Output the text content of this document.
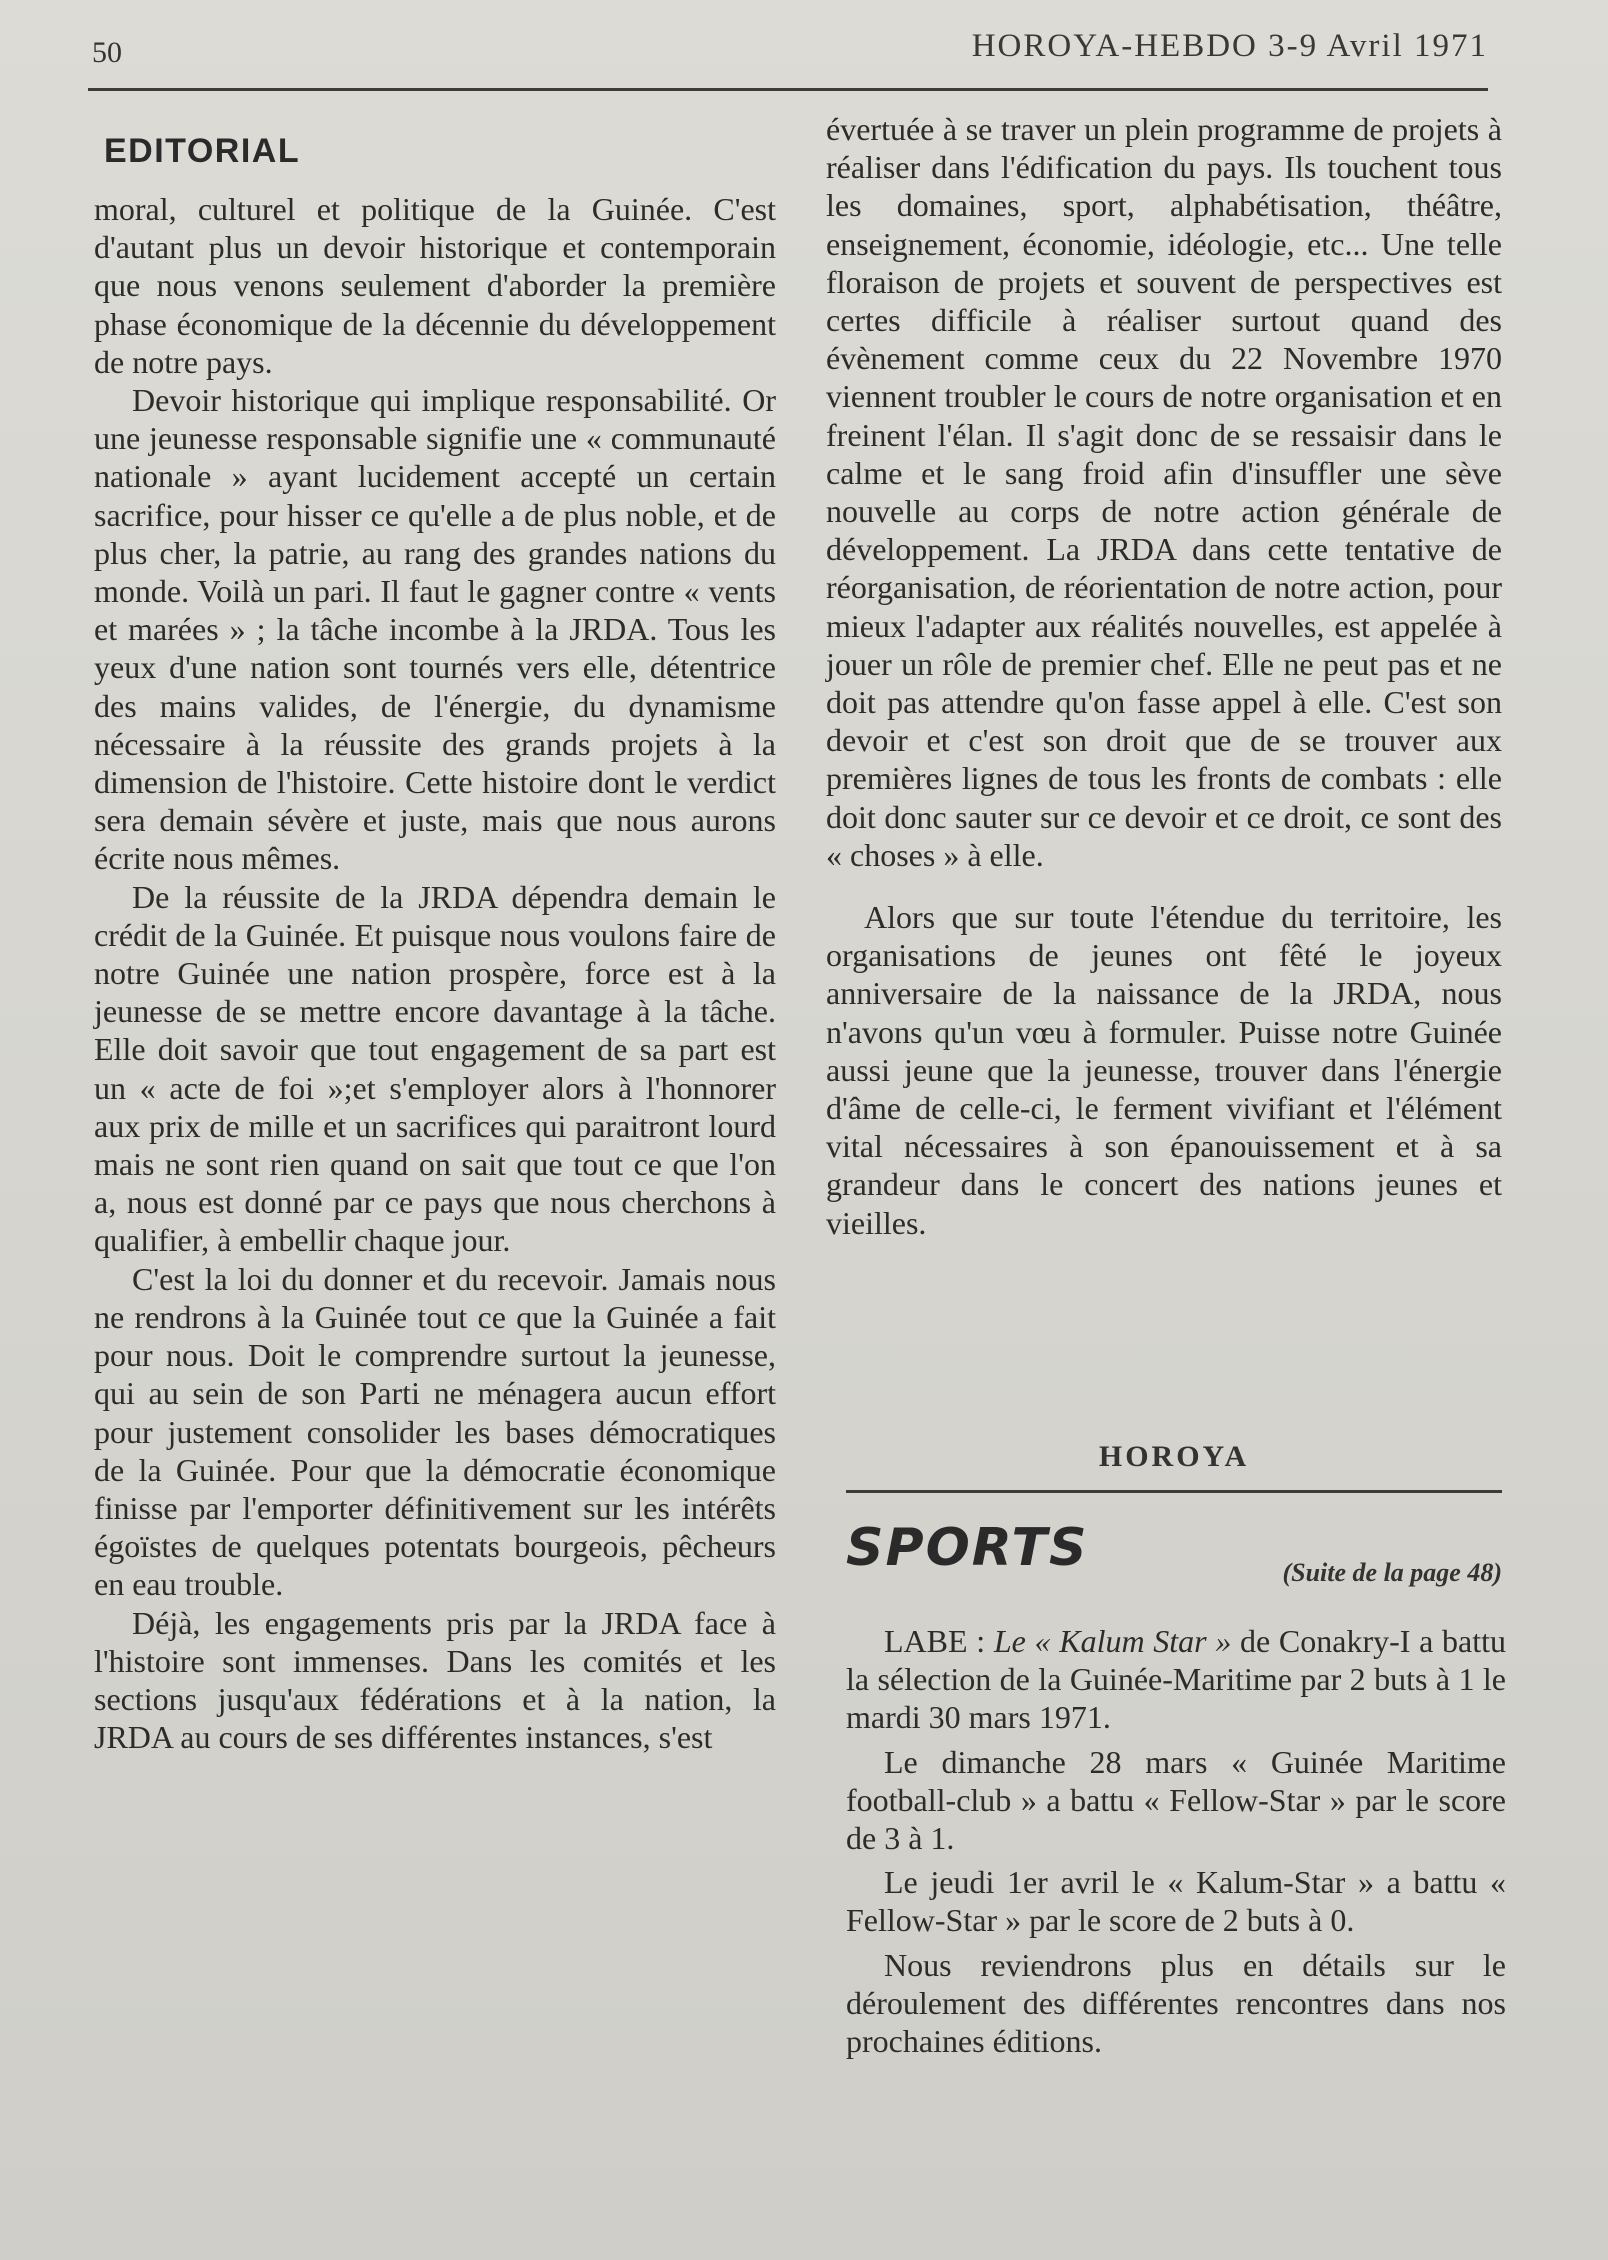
50	HOROYA-HEBDO 3-9 Avril 1971
EDITORIAL

moral, culturel et politique de la Guinée. C'est d'autant plus un devoir historique et contemporain que nous venons seulement d'aborder la première phase économique de la décennie du développement de notre pays.

Devoir historique qui implique responsabilité. Or une jeunesse responsable signifie une « communauté nationale » ayant lucidement accepté un certain sacrifice, pour hisser ce qu'elle a de plus noble, et de plus cher, la patrie, au rang des grandes nations du monde. Voilà un pari. Il faut le gagner contre « vents et marées » ; la tâche incombe à la JRDA. Tous les yeux d'une nation sont tournés vers elle, détentrice des mains valides, de l'énergie, du dynamisme nécessaire à la réussite des grands projets à la dimension de l'histoire. Cette histoire dont le verdict sera demain sévère et juste, mais que nous aurons écrite nous mêmes.

De la réussite de la JRDA dépendra demain le crédit de la Guinée. Et puisque nous voulons faire de notre Guinée une nation prospère, force est à la jeunesse de se mettre encore davantage à la tâche. Elle doit savoir que tout engagement de sa part est un « acte de foi »;et s'employer alors à l'honnorer aux prix de mille et un sacrifices qui paraitront lourd mais ne sont rien quand on sait que tout ce que l'on a, nous est donné par ce pays que nous cherchons à qualifier, à embellir chaque jour.

C'est la loi du donner et du recevoir. Jamais nous ne rendrons à la Guinée tout ce que la Guinée a fait pour nous. Doit le comprendre surtout la jeunesse, qui au sein de son Parti ne ménagera aucun effort pour justement consolider les bases démocratiques de la Guinée. Pour que la démocratie économique finisse par l'emporter définitivement sur les intérêts égoïstes de quelques potentats bourgeois, pêcheurs en eau trouble.

Déjà, les engagements pris par la JRDA face à l'histoire sont immenses. Dans les comités et les sections jusqu'aux fédérations et à la nation, la JRDA au cours de ses différentes instances, s'est

évertuée à se traver un plein programme de projets à réaliser dans l'édification du pays. Ils touchent tous les domaines, sport, alphabétisation, théâtre, enseignement, économie, idéologie, etc... Une telle floraison de projets et souvent de perspectives est certes difficile à réaliser surtout quand des évènement comme ceux du 22 Novembre 1970 viennent troubler le cours de notre organisation et en freinent l'élan. Il s'agit donc de se ressaisir dans le calme et le sang froid afin d'insuffler une sève nouvelle au corps de notre action générale de développement. La JRDA dans cette tentative de réorganisation, de réorientation de notre action, pour mieux l'adapter aux réalités nouvelles, est appelée à jouer un rôle de premier chef. Elle ne peut pas et ne doit pas attendre qu'on fasse appel à elle. C'est son devoir et c'est son droit que de se trouver aux premières lignes de tous les fronts de combats : elle doit donc sauter sur ce devoir et ce droit, ce sont des « choses » à elle.

Alors que sur toute l'étendue du territoire, les organisations de jeunes ont fêté le joyeux anniversaire de la naissance de la JRDA, nous n'avons qu'un vœu à formuler. Puisse notre Guinée aussi jeune que la jeunesse, trouver dans l'énergie d'âme de celle-ci, le ferment vivifiant et l'élément vital nécessaires à son épanouissement et à sa grandeur dans le concert des nations jeunes et vieilles.

HOROYA
SPORTS	(Suite de la page 48)

LABE : Le « Kalum Star » de Conakry-I a battu la sélection de la Guinée-Maritime par 2 buts à 1 le mardi 30 mars 1971.

Le dimanche 28 mars « Guinée Maritime football-club » a battu « Fellow-Star » par le score de 3 à 1.

Le jeudi 1er avril le « Kalum-Star » a battu « Fellow-Star » par le score de 2 buts à 0.

Nous reviendrons plus en détails sur le déroulement des différentes rencontres dans nos prochaines éditions.
